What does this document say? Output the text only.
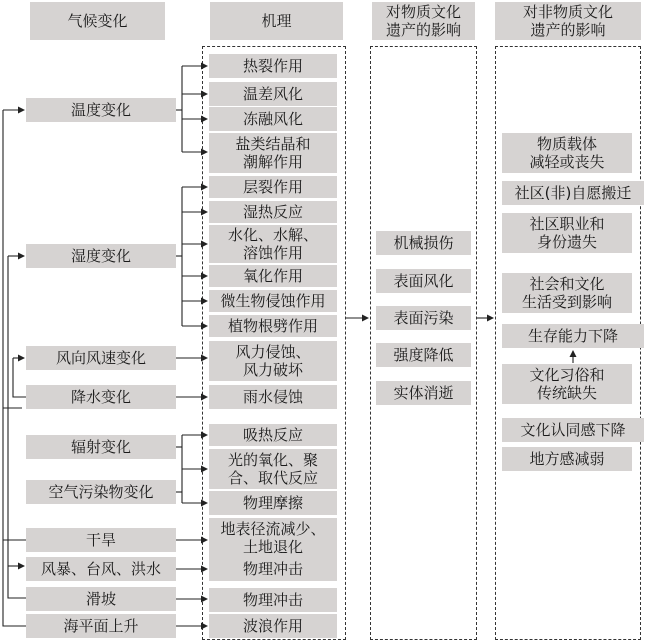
气候变化	机理	对物质文化
遗产的影响
对非物质文化
遗产的影响
温度变化
湿度变化
风向风速变化
降水变化
辐射变化
空气污染物变化
干旱
风暴、台风、洪水
滑坡
海平面上升
热裂作用
温差风化
冻融风化
盐类结晶和
潮解作用
层裂作用
湿热反应
水化、水解、
溶蚀作用
氧化作用
微生物侵蚀作用
植物根劈作用
风力侵蚀、
风力破坏
雨水侵蚀
吸热反应
光的氧化、聚
合、取代反应
物理摩擦
地表径流减少、
土地退化
物理冲击
物理冲击
波浪作用
机械损伤
表面风化
表面污染
强度降低
实体消逝
物质载体
减轻或丧失
社区(非)自愿搬迁
社区职业和
身份遗失
社会和文化
生活受到影响
生存能力下降
文化习俗和
传统缺失
文化认同感下降
地方感减弱
